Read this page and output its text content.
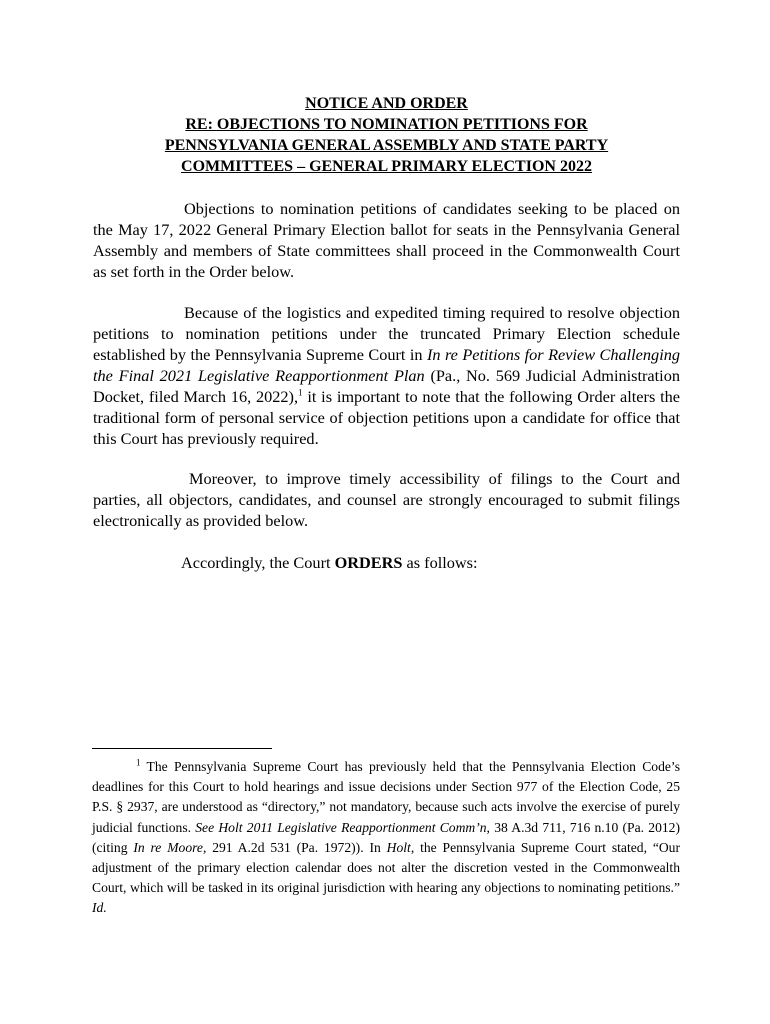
NOTICE AND ORDER
RE: OBJECTIONS TO NOMINATION PETITIONS FOR
PENNSYLVANIA GENERAL ASSEMBLY AND STATE PARTY
COMMITTEES – GENERAL PRIMARY ELECTION 2022

Objections to nomination petitions of candidates seeking to be placed on the May 17, 2022 General Primary Election ballot for seats in the Pennsylvania General Assembly and members of State committees shall proceed in the Commonwealth Court as set forth in the Order below.

Because of the logistics and expedited timing required to resolve objection petitions to nomination petitions under the truncated Primary Election schedule established by the Pennsylvania Supreme Court in In re Petitions for Review Challenging the Final 2021 Legislative Reapportionment Plan (Pa., No. 569 Judicial Administration Docket, filed March 16, 2022),$^1$ it is important to note that the following Order alters the traditional form of personal service of objection petitions upon a candidate for office that this Court has previously required.

Moreover, to improve timely accessibility of filings to the Court and parties, all objectors, candidates, and counsel are strongly encouraged to submit filings electronically as provided below.

Accordingly, the Court ORDERS as follows:

$^1$ The Pennsylvania Supreme Court has previously held that the Pennsylvania Election Code’s deadlines for this Court to hold hearings and issue decisions under Section 977 of the Election Code, 25 P.S. § 2937, are understood as “directory,” not mandatory, because such acts involve the exercise of purely judicial functions. See Holt 2011 Legislative Reapportionment Comm’n, 38 A.3d 711, 716 n.10 (Pa. 2012) (citing In re Moore, 291 A.2d 531 (Pa. 1972)). In Holt, the Pennsylvania Supreme Court stated, “Our adjustment of the primary election calendar does not alter the discretion vested in the Commonwealth Court, which will be tasked in its original jurisdiction with hearing any objections to nominating petitions.” Id.
